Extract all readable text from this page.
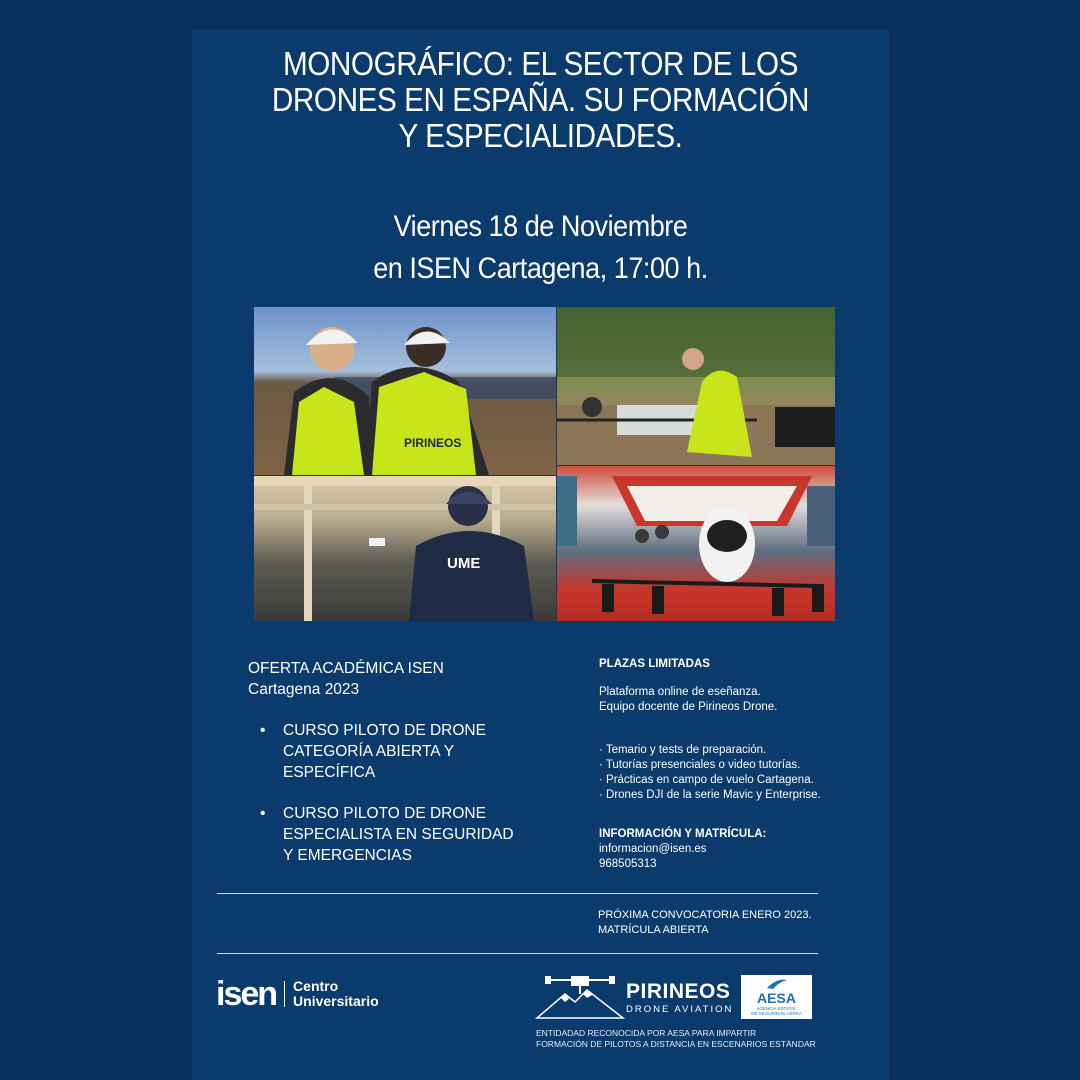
MONOGRÁFICO: EL SECTOR DE LOS
DRONES EN ESPAÑA. SU FORMACIÓN
Y ESPECIALIDADES.
Viernes 18 de Noviembre
en ISEN Cartagena, 17:00 h.
PIRINEOS
UME
OFERTA ACADÉMICA ISEN
Cartagena 2023
• CURSO PILOTO DE DRONE
CATEGORÍA ABIERTA Y
ESPECÍFICA
• CURSO PILOTO DE DRONE
ESPECIALISTA EN SEGURIDAD
Y EMERGENCIAS
PLAZAS LIMITADAS
Plataforma online de eseñanza.
Equipo docente de Pirineos Drone.
· Temario y tests de preparación.
· Tutorías presenciales o video tutorías.
· Prácticas en campo de vuelo Cartagena.
· Drones DJI de la serie Mavic y Enterprise.
INFORMACIÓN Y MATRÍCULA:
informacion@isen.es
968505313
PRÓXIMA CONVOCATORIA ENERO 2023.
MATRÍCULA ABIERTA
isen Centro
Universitario	PIRINEOS
DRONE AVIATION
AESA
AGENCIA ESTATAL
DE SEGURIDAD AÉREA
ENTIDADAD RECONOCIDA POR AESA PARA IMPARTIR
FORMACIÓN DE PILOTOS A DISTANCIA EN ESCENARIOS ESTÁNDAR
